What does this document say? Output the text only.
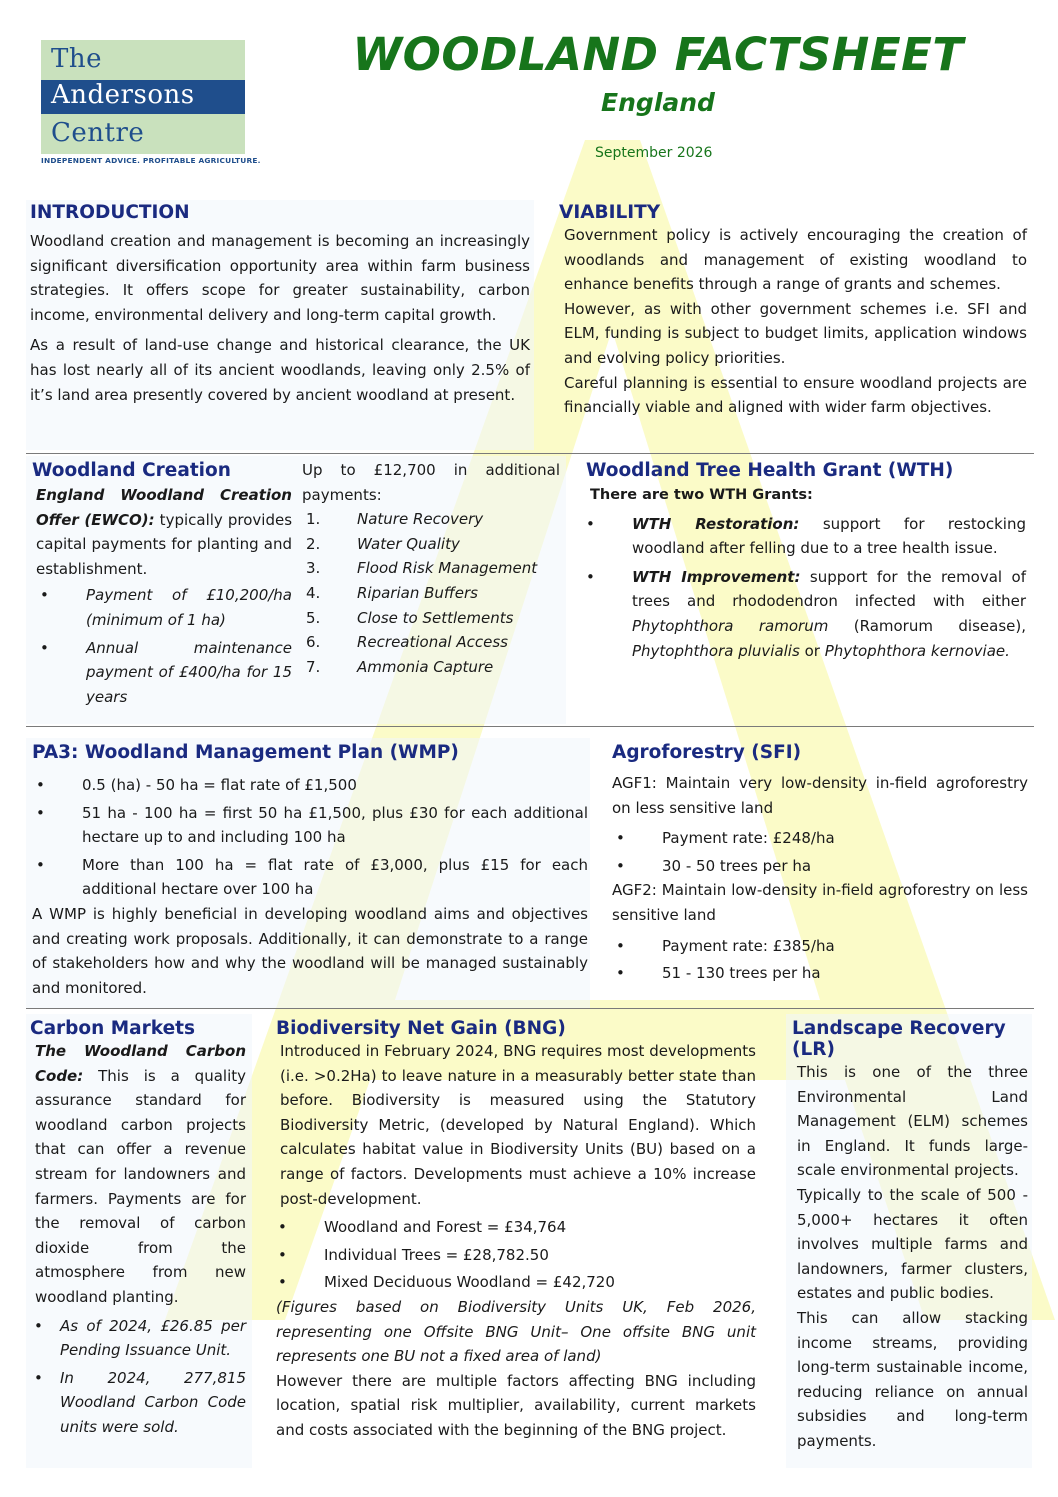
The
Andersons
Centre
INDEPENDENT ADVICE. PROFITABLE AGRICULTURE.
WOODLAND FACTSHEET
England
September 2026
INTRODUCTION

Woodland creation and management is becoming an increasingly significant diversification opportunity area within farm business strategies. It offers scope for greater sustainability, carbon income, environmental delivery and long-term capital growth.

As a result of land-use change and historical clearance, the UK has lost nearly all of its ancient woodlands, leaving only 2.5% of it’s land area presently covered by ancient woodland at present.

VIABILITY

Government policy is actively encouraging the creation of woodlands and management of existing woodland to enhance benefits through a range of grants and schemes.

However, as with other government schemes i.e. SFI and ELM, funding is subject to budget limits, application windows and evolving policy priorities.

Careful planning is essential to ensure woodland projects are financially viable and aligned with wider farm objectives.

Woodland Creation

England Woodland Creation Offer (EWCO): typically provides capital payments for planting and establishment.

• Payment of £10,200/ha (minimum of 1 ha)
• Annual maintenance payment of £400/ha for 15 years

Up to £12,700 in additional payments:

1. Nature Recovery
2. Water Quality
3. Flood Risk Management
4. Riparian Buffers
5. Close to Settlements
6. Recreational Access
7. Ammonia Capture
Woodland Tree Health Grant (WTH)

There are two WTH Grants:

• WTH Restoration: support for restocking woodland after felling due to a tree health issue.
• WTH Improvement: support for the removal of trees and rhododendron infected with either Phytophthora ramorum (Ramorum disease), Phytophthora pluvialis or Phytophthora kernoviae.
PA3: Woodland Management Plan (WMP)
• 0.5 (ha) - 50 ha = flat rate of £1,500
• 51 ha - 100 ha = first 50 ha £1,500, plus £30 for each additional hectare up to and including 100 ha
• More than 100 ha = flat rate of £3,000, plus £15 for each additional hectare over 100 ha

A WMP is highly beneficial in developing woodland aims and objectives and creating work proposals. Additionally, it can demonstrate to a range of stakeholders how and why the woodland will be managed sustainably and monitored.

Agroforestry (SFI)

AGF1: Maintain very low-density in-field agroforestry on less sensitive land

• Payment rate: £248/ha
• 30 - 50 trees per ha

AGF2: Maintain low-density in-field agroforestry on less sensitive land

• Payment rate: £385/ha
• 51 - 130 trees per ha
Carbon Markets

The Woodland Carbon Code: This is a quality assurance standard for woodland carbon projects that can offer a revenue stream for landowners and farmers. Payments are for the removal of carbon dioxide from the atmosphere from new woodland planting.

• As of 2024, £26.85 per Pending Issuance Unit.
• In 2024, 277,815 Woodland Carbon Code units were sold.
Biodiversity Net Gain (BNG)

Introduced in February 2024, BNG requires most developments (i.e. >0.2Ha) to leave nature in a measurably better state than before. Biodiversity is measured using the Statutory Biodiversity Metric, (developed by Natural England). Which calculates habitat value in Biodiversity Units (BU) based on a range of factors. Developments must achieve a 10% increase post-development.

• Woodland and Forest = £34,764
• Individual Trees = £28,782.50
• Mixed Deciduous Woodland = £42,720

(Figures based on Biodiversity Units UK, Feb 2026, representing one Offsite BNG Unit– One offsite BNG unit represents one BU not a fixed area of land)

However there are multiple factors affecting BNG including location, spatial risk multiplier, availability, current markets and costs associated with the beginning of the BNG project.

Landscape Recovery (LR)

This is one of the three Environmental Land Management (ELM) schemes in England. It funds large-scale environmental projects.

Typically to the scale of 500 - 5,000+ hectares it often involves multiple farms and landowners, farmer clusters, estates and public bodies.

This can allow stacking income streams, providing long-term sustainable income, reducing reliance on annual subsidies and long-term payments.
